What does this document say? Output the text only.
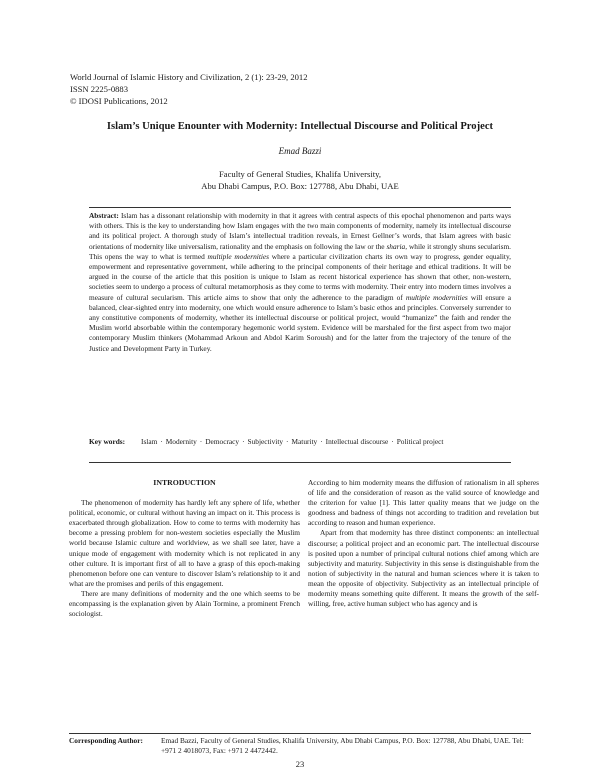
World Journal of Islamic History and Civilization, 2 (1): 23-29, 2012
ISSN 2225-0883
© IDOSI Publications, 2012
Islam’s Unique Enounter with Modernity: Intellectual Discourse and Political Project
Emad Bazzi
Faculty of General Studies, Khalifa University,
Abu Dhabi Campus, P.O. Box: 127788, Abu Dhabi, UAE

Abstract: Islam has a dissonant relationship with modernity in that it agrees with central aspects of this epochal phenomenon and parts ways with others. This is the key to understanding how Islam engages with the two main components of modernity, namely its intellectual discourse and its political project. A thorough study of Islam’s intellectual tradition reveals, in Ernest Gellner’s words, that Islam agrees with basic orientations of modernity like universalism, rationality and the emphasis on following the law or the sharia, while it strongly shuns secularism. This opens the way to what is termed multiple modernities where a particular civilization charts its own way to progress, gender equality, empowerment and representative government, while adhering to the principal components of their heritage and ethical traditions. It will be argued in the course of the article that this position is unique to Islam as recent historical experience has shown that other, non-western, societies seem to undergo a process of cultural metamorphosis as they come to terms with modernity. Their entry into modern times involves a measure of cultural secularism. This article aims to show that only the adherence to the paradigm of multiple modernities will ensure a balanced, clear-sighted entry into modernity, one which would ensure adherence to Islam’s basic ethos and principles. Conversely surrender to any constitutive components of modernity, whether its intellectual discourse or political project, would “humanize” the faith and render the Muslim world absorbable within the contemporary hegemonic world system. Evidence will be marshaled for the first aspect from two major contemporary Muslim thinkers (Mohammad Arkoun and Abdol Karim Soroush) and for the latter from the trajectory of the tenure of the Justice and Development Party in Turkey.

Key words: Islam · Modernity · Democracy · Subjectivity · Maturity · Intellectual discourse · Political project

INTRODUCTION

The phenomenon of modernity has hardly left any sphere of life, whether political, economic, or cultural without having an impact on it. This process is exacerbated through globalization. How to come to terms with modernity has become a pressing problem for non-western societies especially the Muslim world because Islamic culture and worldview, as we shall see later, have a unique mode of engagement with modernity which is not replicated in any other culture. It is important first of all to have a grasp of this epoch-making phenomenon before one can venture to discover Islam’s relationship to it and what are the promises and perils of this engagement.

There are many definitions of modernity and the one which seems to be encompassing is the explanation given by Alain Tormine, a prominent French sociologist.

According to him modernity means the diffusion of rationalism in all spheres of life and the consideration of reason as the valid source of knowledge and the criterion for value [1]. This latter quality means that we judge on the goodness and badness of things not according to tradition and revelation but according to reason and human experience.

Apart from that modernity has three distinct components: an intellectual discourse; a political project and an economic part. The intellectual discourse is posited upon a number of principal cultural notions chief among which are subjectivity and maturity. Subjectivity in this sense is distinguishable from the notion of subjectivity in the natural and human sciences where it is taken to mean the opposite of objectivity. Subjectivity as an intellectual principle of modernity means something quite different. It means the growth of the self-willing, free, active human subject who has agency and is

Corresponding Author: Emad Bazzi, Faculty of General Studies, Khalifa University, Abu Dhabi Campus, P.O. Box: 127788, Abu Dhabi, UAE. Tel: +971 2 4018073, Fax: +971 2 4472442.
23
